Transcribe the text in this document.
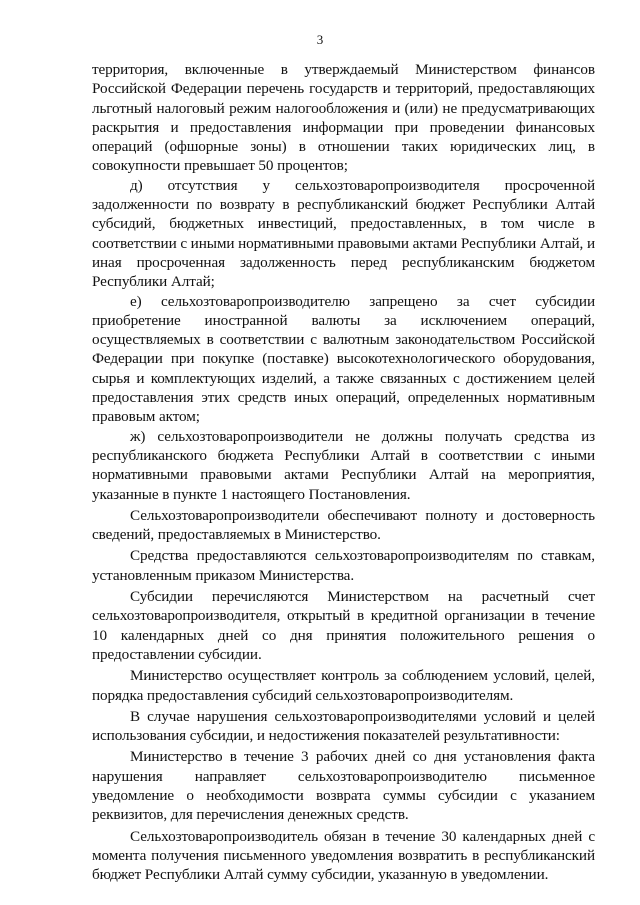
3

территория, включенные в утверждаемый Министерством финансов Российской Федерации перечень государств и территорий, предоставляющих льготный налоговый режим налогообложения и (или) не предусматривающих раскрытия и предоставления информации при проведении финансовых операций (офшорные зоны) в отношении таких юридических лиц, в совокупности превышает 50 процентов;

д) отсутствия у сельхозтоваропроизводителя просроченной задолженности по возврату в республиканский бюджет Республики Алтай субсидий, бюджетных инвестиций, предоставленных, в том числе в соответствии с иными нормативными правовыми актами Республики Алтай, и иная просроченная задолженность перед республиканским бюджетом Республики Алтай;

е) сельхозтоваропроизводителю запрещено за счет субсидии приобретение иностранной валюты за исключением операций, осуществляемых в соответствии с валютным законодательством Российской Федерации при покупке (поставке) высокотехнологического оборудования, сырья и комплектующих изделий, а также связанных с достижением целей предоставления этих средств иных операций, определенных нормативным правовым актом;

ж) сельхозтоваропроизводители не должны получать средства из республиканского бюджета Республики Алтай в соответствии с иными нормативными правовыми актами Республики Алтай на мероприятия, указанные в пункте 1 настоящего Постановления.

Сельхозтоваропроизводители обеспечивают полноту и достоверность сведений, предоставляемых в Министерство.

Средства предоставляются сельхозтоваропроизводителям по ставкам, установленным приказом Министерства.

Субсидии перечисляются Министерством на расчетный счет сельхозтоваропроизводителя, открытый в кредитной организации в течение 10 календарных дней со дня принятия положительного решения о предоставлении субсидии.

Министерство осуществляет контроль за соблюдением условий, целей, порядка предоставления субсидий сельхозтоваропроизводителям.

В случае нарушения сельхозтоваропроизводителями условий и целей использования субсидии, и недостижения показателей результативности:

Министерство в течение 3 рабочих дней со дня установления факта нарушения направляет сельхозтоваропроизводителю письменное уведомление о необходимости возврата суммы субсидии с указанием реквизитов, для перечисления денежных средств.

Сельхозтоваропроизводитель обязан в течение 30 календарных дней с момента получения письменного уведомления возвратить в республиканский бюджет Республики Алтай сумму субсидии, указанную в уведомлении.
